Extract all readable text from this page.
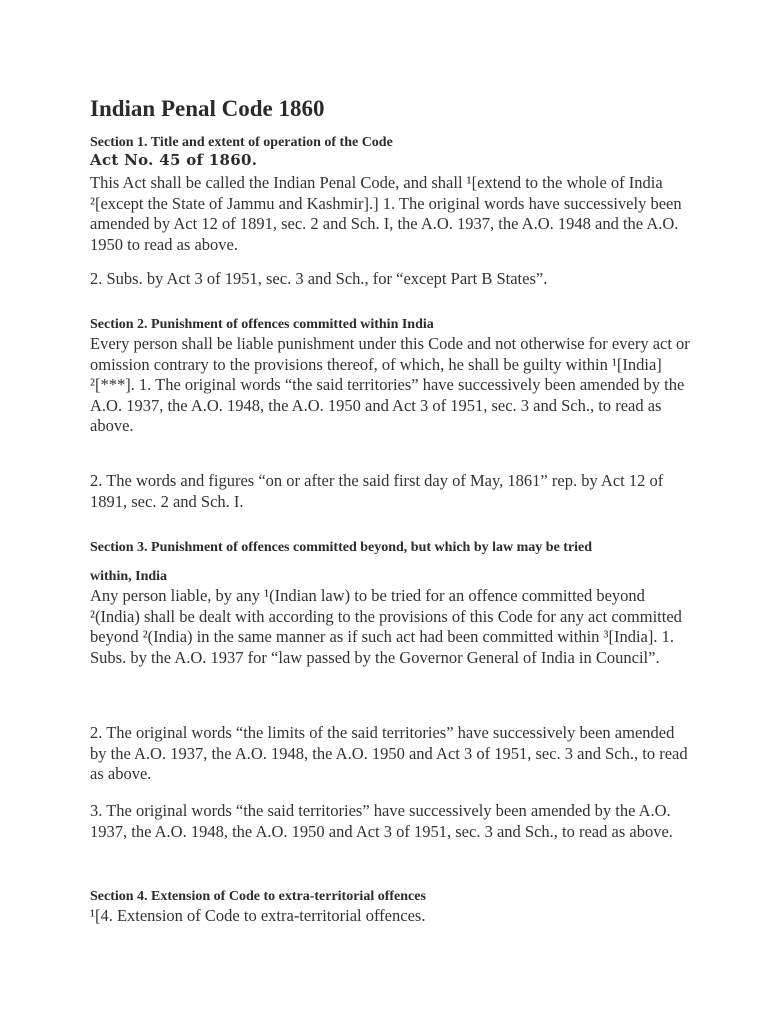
Indian Penal Code 1860
Section 1. Title and extent of operation of the Code
Act No. 45 of 1860.

This Act shall be called the Indian Penal Code, and shall ¹[extend to the whole of India ²[except the State of Jammu and Kashmir].] 1. The original words have successively been amended by Act 12 of 1891, sec. 2 and Sch. I, the A.O. 1937, the A.O. 1948 and the A.O. 1950 to read as above.

2. Subs. by Act 3 of 1951, sec. 3 and Sch., for “except Part B States”.

Section 2. Punishment of offences committed within India

Every person shall be liable punishment under this Code and not otherwise for every act or omission contrary to the provisions thereof, of which, he shall be guilty within ¹[India] ²[***]. 1. The original words “the said territories” have successively been amended by the A.O. 1937, the A.O. 1948, the A.O. 1950 and Act 3 of 1951, sec. 3 and Sch., to read as above.

2. The words and figures “on or after the said first day of May, 1861” rep. by Act 12 of 1891, sec. 2 and Sch. I.

Section 3. Punishment of offences committed beyond, but which by law may be tried
within, India

Any person liable, by any ¹(Indian law) to be tried for an offence committed beyond ²(India) shall be dealt with according to the provisions of this Code for any act committed beyond ²(India) in the same manner as if such act had been committed within ³[India]. 1. Subs. by the A.O. 1937 for “law passed by the Governor General of India in Council”.

2. The original words “the limits of the said territories” have successively been amended by the A.O. 1937, the A.O. 1948, the A.O. 1950 and Act 3 of 1951, sec. 3 and Sch., to read as above.

3. The original words “the said territories” have successively been amended by the A.O. 1937, the A.O. 1948, the A.O. 1950 and Act 3 of 1951, sec. 3 and Sch., to read as above.

Section 4. Extension of Code to extra-territorial offences

¹[4. Extension of Code to extra-territorial offences.
